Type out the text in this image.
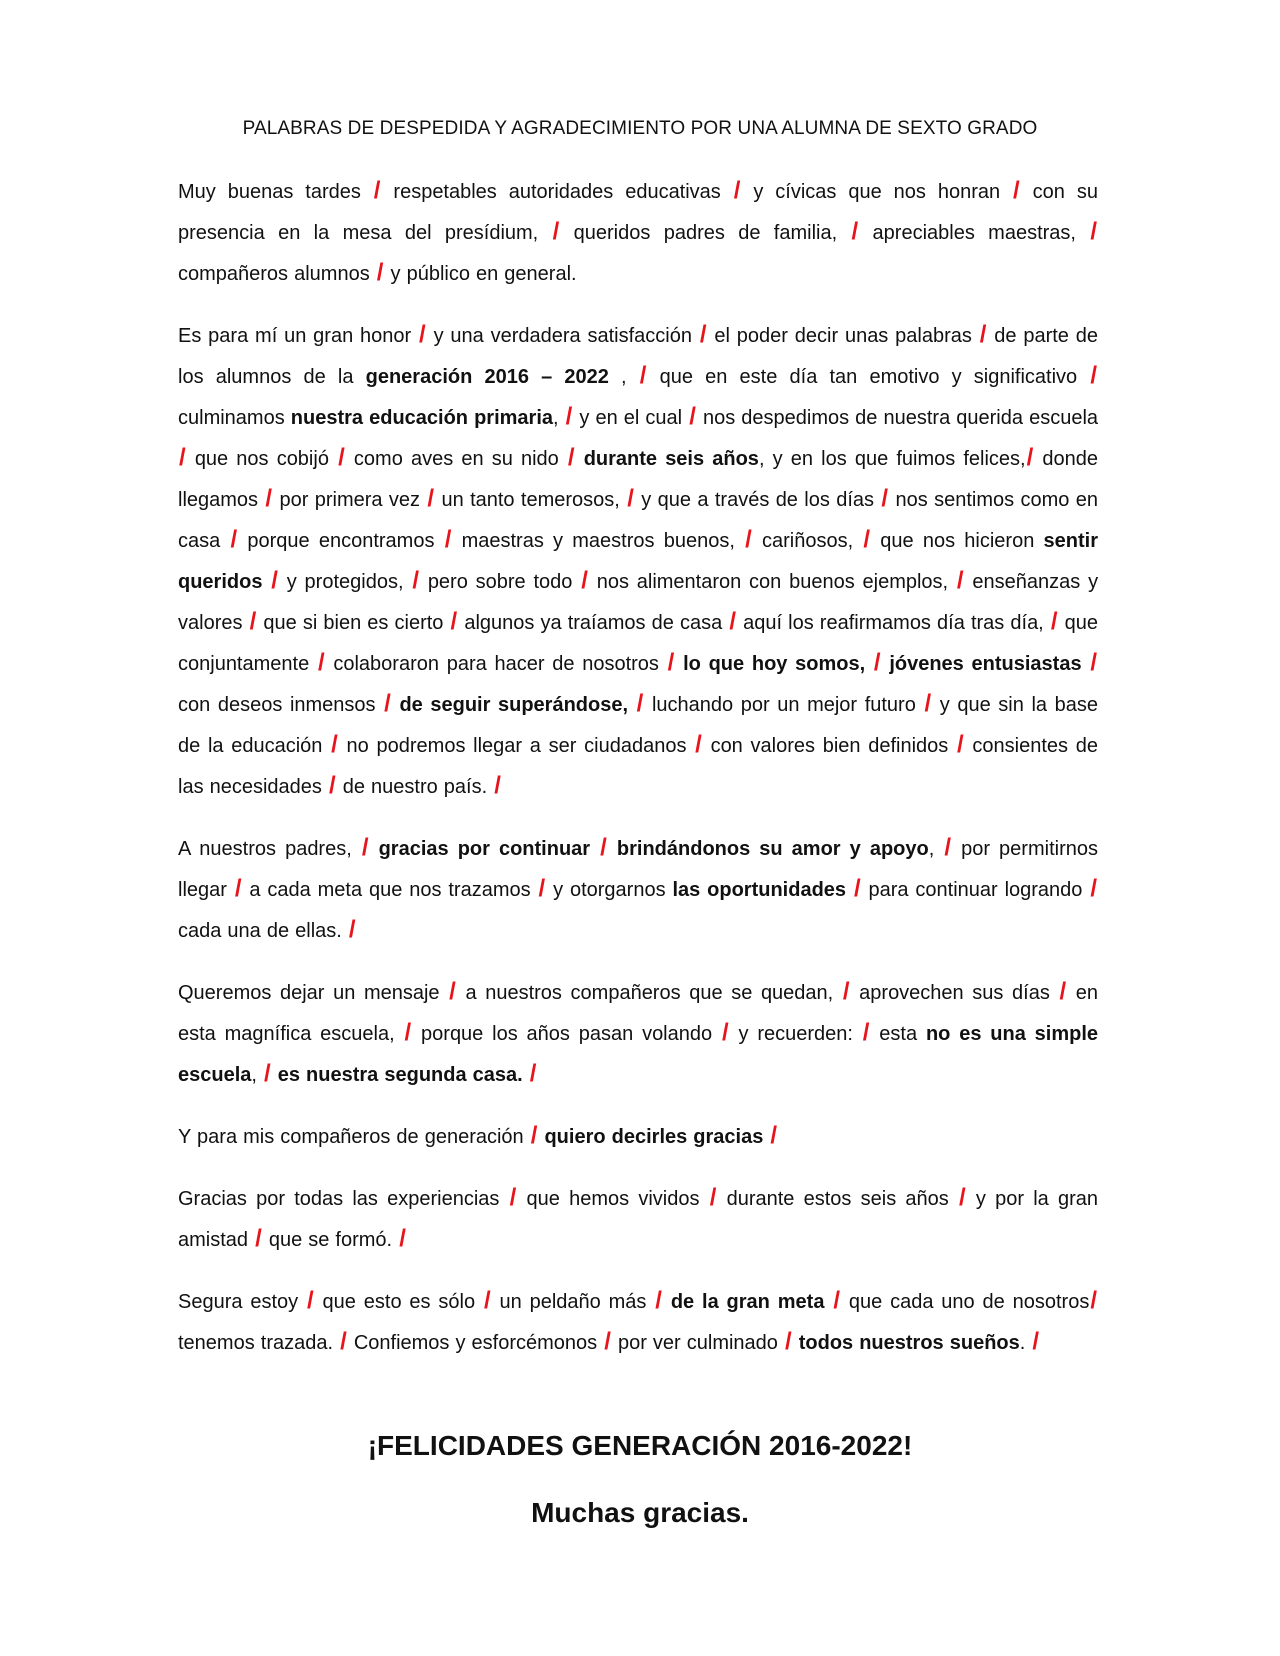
PALABRAS DE DESPEDIDA Y AGRADECIMIENTO POR UNA ALUMNA DE SEXTO GRADO

Muy buenas tardes / respetables autoridades educativas / y cívicas que nos honran / con su presencia en la mesa del presídium, / queridos padres de familia, / apreciables maestras, / compañeros alumnos / y público en general.

Es para mí un gran honor / y una verdadera satisfacción / el poder decir unas palabras / de parte de los alumnos de la generación 2016 – 2022 , / que en este día tan emotivo y significativo / culminamos nuestra educación primaria, / y en el cual / nos despedimos de nuestra querida escuela / que nos cobijó / como aves en su nido / durante seis años, y en los que fuimos felices,/ donde llegamos / por primera vez / un tanto temerosos, / y que a través de los días / nos sentimos como en casa / porque encontramos / maestras y maestros buenos, / cariñosos, / que nos hicieron sentir queridos / y protegidos, / pero sobre todo / nos alimentaron con buenos ejemplos, / enseñanzas y valores / que si bien es cierto / algunos ya traíamos de casa / aquí los reafirmamos día tras día, / que conjuntamente / colaboraron para hacer de nosotros / lo que hoy somos, / jóvenes entusiastas / con deseos inmensos / de seguir superándose, / luchando por un mejor futuro / y que sin la base de la educación / no podremos llegar a ser ciudadanos / con valores bien definidos / consientes de las necesidades / de nuestro país. /

A nuestros padres, / gracias por continuar / brindándonos su amor y apoyo, / por permitirnos llegar / a cada meta que nos trazamos / y otorgarnos las oportunidades / para continuar logrando / cada una de ellas. /

Queremos dejar un mensaje / a nuestros compañeros que se quedan, / aprovechen sus días / en esta magnífica escuela, / porque los años pasan volando / y recuerden: / esta no es una simple escuela, / es nuestra segunda casa. /

Y para mis compañeros de generación / quiero decirles gracias /

Gracias por todas las experiencias / que hemos vividos / durante estos seis años / y por la gran amistad / que se formó. /

Segura estoy / que esto es sólo / un peldaño más / de la gran meta / que cada uno de nosotros/ tenemos trazada. / Confiemos y esforcémonos / por ver culminado / todos nuestros sueños. /

¡FELICIDADES GENERACIÓN 2016-2022!
Muchas gracias.
